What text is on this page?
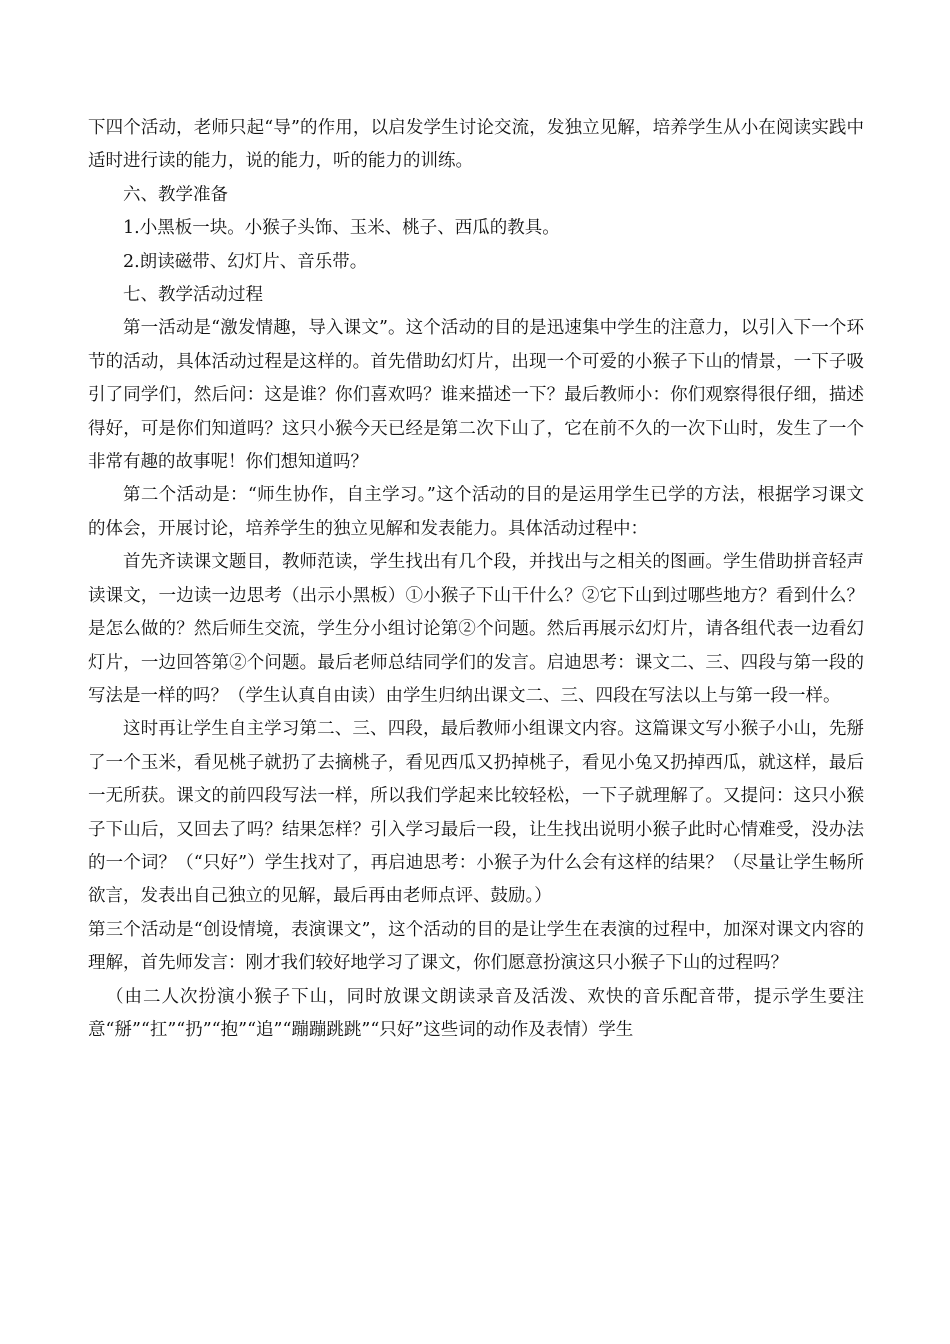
下四个活动，老师只起“导”的作用，以启发学生讨论交流，发独立见解，培养学生从小在阅读实践中适时进行读的能力，说的能力，听的能力的训练。

六、教学准备

1.小黑板一块。小猴子头饰、玉米、桃子、西瓜的教具。

2.朗读磁带、幻灯片、音乐带。

七、教学活动过程

第一活动是“激发情趣，导入课文”。这个活动的目的是迅速集中学生的注意力，以引入下一个环节的活动，具体活动过程是这样的。首先借助幻灯片，出现一个可爱的小猴子下山的情景，一下子吸引了同学们，然后问：这是谁？你们喜欢吗？谁来描述一下？最后教师小：你们观察得很仔细，描述得好，可是你们知道吗？这只小猴今天已经是第二次下山了，它在前不久的一次下山时，发生了一个非常有趣的故事呢！你们想知道吗？

第二个活动是：“师生协作，自主学习。”这个活动的目的是运用学生已学的方法，根据学习课文的体会，开展讨论，培养学生的独立见解和发表能力。具体活动过程中：

首先齐读课文题目，教师范读，学生找出有几个段，并找出与之相关的图画。学生借助拼音轻声读课文，一边读一边思考（出示小黑板）①小猴子下山干什么？②它下山到过哪些地方？看到什么？是怎么做的？然后师生交流，学生分小组讨论第②个问题。然后再展示幻灯片，请各组代表一边看幻灯片，一边回答第②个问题。最后老师总结同学们的发言。启迪思考：课文二、三、四段与第一段的写法是一样的吗？（学生认真自由读）由学生归纳出课文二、三、四段在写法以上与第一段一样。

这时再让学生自主学习第二、三、四段，最后教师小组课文内容。这篇课文写小猴子小山，先掰了一个玉米，看见桃子就扔了去摘桃子，看见西瓜又扔掉桃子，看见小兔又扔掉西瓜，就这样，最后一无所获。课文的前四段写法一样，所以我们学起来比较轻松，一下子就理解了。又提问：这只小猴子下山后，又回去了吗？结果怎样？引入学习最后一段，让生找出说明小猴子此时心情难受，没办法的一个词？（“只好”）学生找对了，再启迪思考：小猴子为什么会有这样的结果？（尽量让学生畅所欲言，发表出自己独立的见解，最后再由老师点评、鼓励。）

第三个活动是“创设情境，表演课文”，这个活动的目的是让学生在表演的过程中，加深对课文内容的理解，首先师发言：刚才我们较好地学习了课文，你们愿意扮演这只小猴子下山的过程吗？

（由二人次扮演小猴子下山，同时放课文朗读录音及活泼、欢快的音乐配音带，提示学生要注意“掰”“扛”“扔”“抱”“追”“蹦蹦跳跳”“只好”这些词的动作及表情）学生
